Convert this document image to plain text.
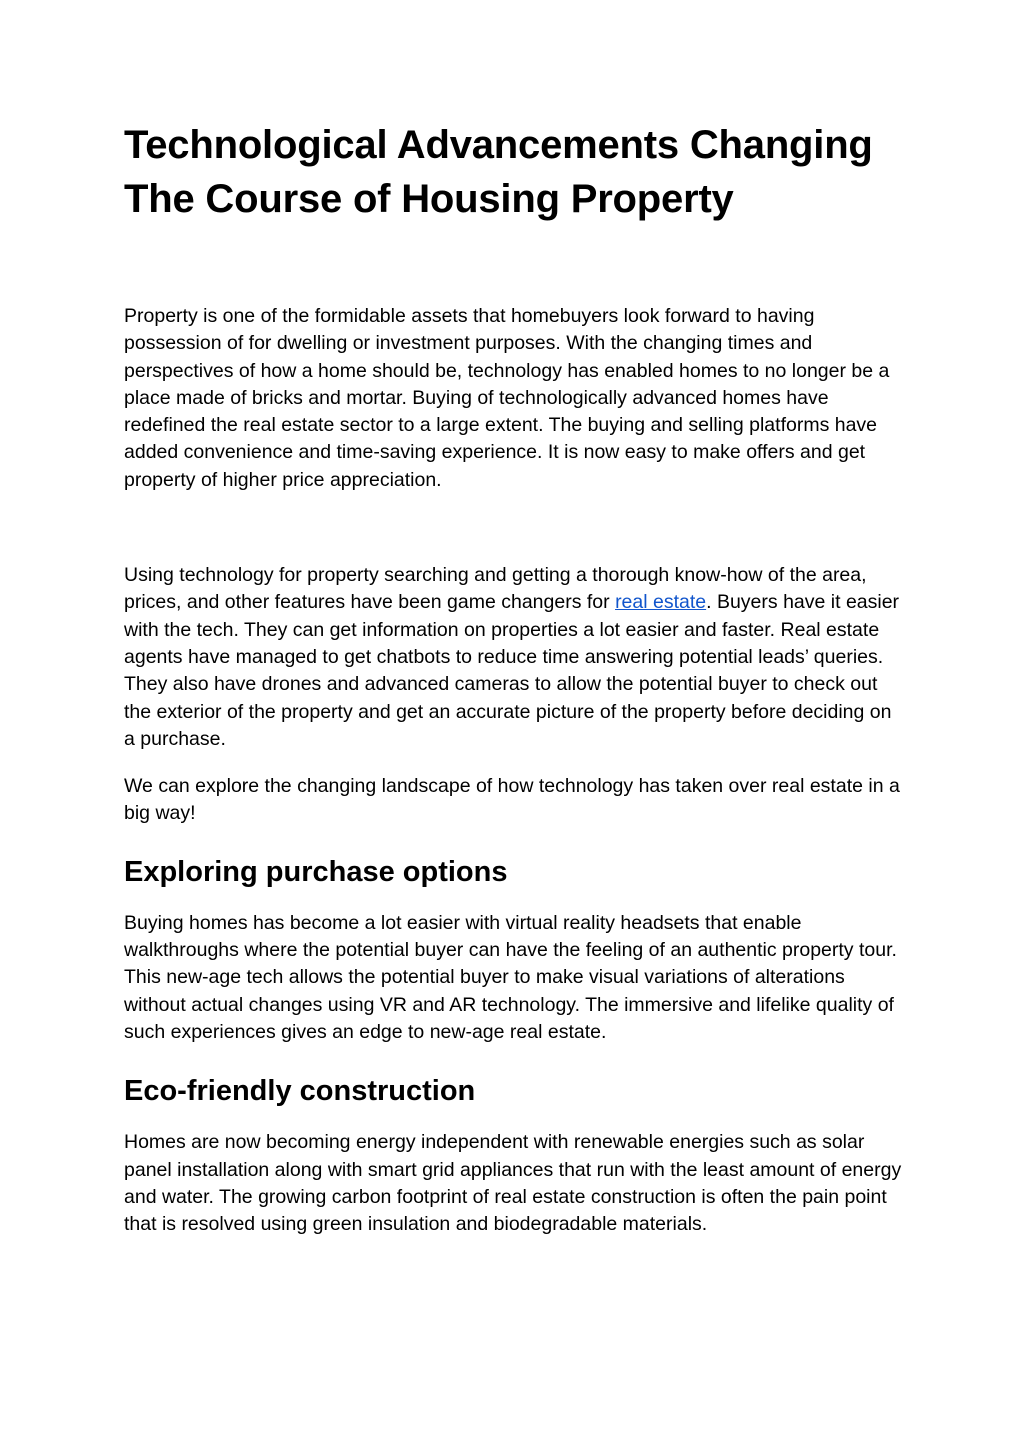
Technological Advancements Changing The Course of Housing Property

Property is one of the formidable assets that homebuyers look forward to having possession of for dwelling or investment purposes. With the changing times and perspectives of how a home should be, technology has enabled homes to no longer be a place made of bricks and mortar. Buying of technologically advanced homes have redefined the real estate sector to a large extent. The buying and selling platforms have added convenience and time-saving experience. It is now easy to make offers and get property of higher price appreciation.

Using technology for property searching and getting a thorough know-how of the area, prices, and other features have been game changers for real estate. Buyers have it easier with the tech. They can get information on properties a lot easier and faster. Real estate agents have managed to get chatbots to reduce time answering potential leads’ queries. They also have drones and advanced cameras to allow the potential buyer to check out the exterior of the property and get an accurate picture of the property before deciding on a purchase.

We can explore the changing landscape of how technology has taken over real estate in a big way!

Exploring purchase options

Buying homes has become a lot easier with virtual reality headsets that enable walkthroughs where the potential buyer can have the feeling of an authentic property tour. This new-age tech allows the potential buyer to make visual variations of alterations without actual changes using VR and AR technology. The immersive and lifelike quality of such experiences gives an edge to new-age real estate.

Eco-friendly construction

Homes are now becoming energy independent with renewable energies such as solar panel installation along with smart grid appliances that run with the least amount of energy and water. The growing carbon footprint of real estate construction is often the pain point that is resolved using green insulation and biodegradable materials.
